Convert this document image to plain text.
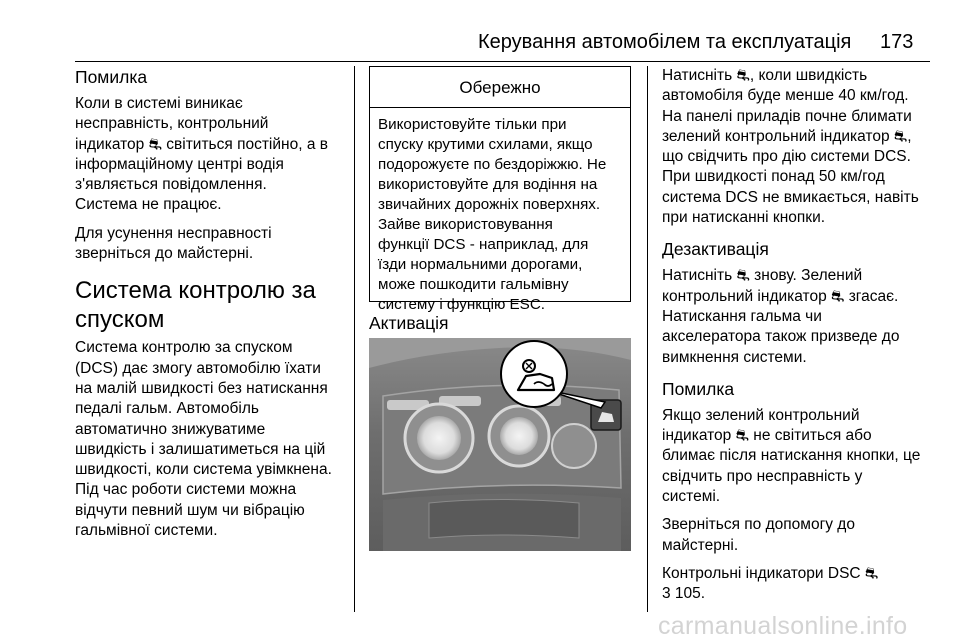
Керування автомобілем та експлуатація 173
Помилка

Коли в системі виникає
несправність, контрольний
індикатор ⛐ світиться постійно, а в
інформаційному центрі водія
з'являється повідомлення.
Система не працює.

Для усунення несправності
зверніться до майстерні.

Система контролю за
спуском

Система контролю за спуском
(DCS) дає змогу автомобілю їхати
на малій швидкості без натискання
педалі гальм. Автомобіль
автоматично знижуватиме
швидкість і залишатиметься на цій
швидкості, коли система увімкнена.
Під час роботи системи можна
відчути певний шум чи вібрацію
гальмівної системи.

Обережно
Використовуйте тільки при
спуску крутими схилами, якщо
подорожуєте по бездоріжжю. Не
використовуйте для водіння на
звичайних дорожніх поверхнях.
Зайве використовування
функції DCS - наприклад, для
їзди нормальними дорогами,
може пошкодити гальмівну
систему і функцію ESC.
Активація

Натисніть ⛐, коли швидкість
автомобіля буде менше 40 км/год.
На панелі приладів почне блимати
зелений контрольний індикатор ⛐,
що свідчить про дію системи DCS.
При швидкості понад 50 км/год
система DCS не вмикається, навіть
при натисканні кнопки.

Дезактивація

Натисніть ⛐ знову. Зелений
контрольний індикатор ⛐ згасає.
Натискання гальма чи
акселератора також призведе до
вимкнення системи.

Помилка

Якщо зелений контрольний
індикатор ⛐ не світиться або
блимає після натискання кнопки, це
свідчить про несправність у
системі.

Зверніться по допомогу до
майстерні.

Контрольні індикатори DSC ⛐
3 105.

carmanualsonline.info
